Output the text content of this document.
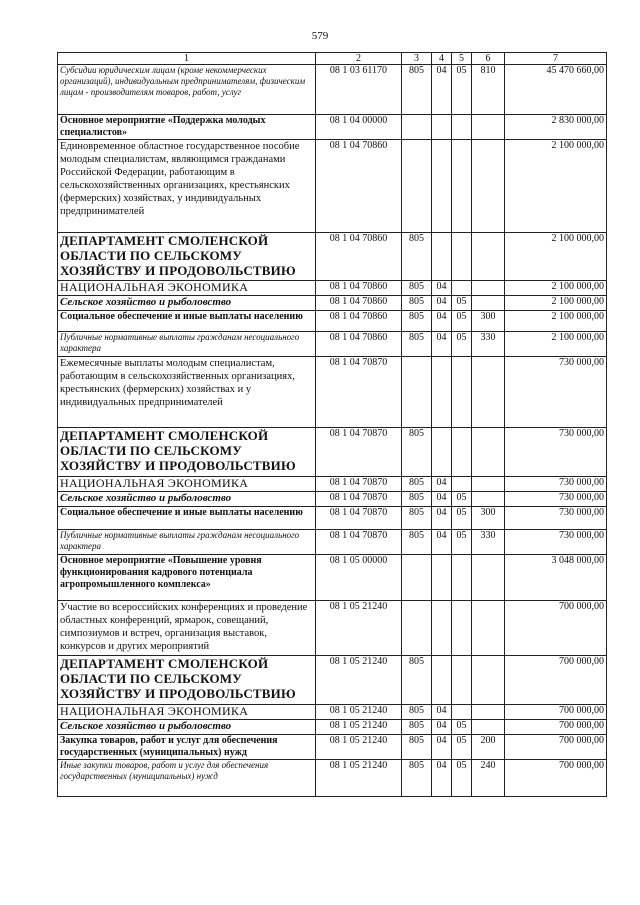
579
1	2	3	4	5	6	7
Субсидии юридическим лицам (кроме некоммерческих организаций), индивидуальным предпринимателям, физическим лицам - производителям товаров, работ, услуг	08 1 03 61170	805	04	05	810	45 470 660,00
Основное мероприятие «Поддержка молодых специалистов»	08 1 04 00000					2 830 000,00
Единовременное областное государственное пособие молодым специалистам, являющимся гражданами Российской Федерации, работающим в сельскохозяйственных организациях, крестьянских (фермерских) хозяйствах, у индивидуальных предпринимателей	08 1 04 70860					2 100 000,00
ДЕПАРТАМЕНТ СМОЛЕНСКОЙ ОБЛАСТИ ПО СЕЛЬСКОМУ ХОЗЯЙСТВУ И ПРОДОВОЛЬСТВИЮ	08 1 04 70860	805				2 100 000,00
НАЦИОНАЛЬНАЯ ЭКОНОМИКА	08 1 04 70860	805	04			2 100 000,00
Сельское хозяйство и рыболовство	08 1 04 70860	805	04	05		2 100 000,00
Социальное обеспечение и иные выплаты населению	08 1 04 70860	805	04	05	300	2 100 000,00
Публичные нормативные выплаты гражданам несоциального характера	08 1 04 70860	805	04	05	330	2 100 000,00
Ежемесячные выплаты молодым специалистам, работающим в сельскохозяйственных организациях, крестьянских (фермерских) хозяйствах и у индивидуальных предпринимателей	08 1 04 70870					730 000,00
ДЕПАРТАМЕНТ СМОЛЕНСКОЙ ОБЛАСТИ ПО СЕЛЬСКОМУ ХОЗЯЙСТВУ И ПРОДОВОЛЬСТВИЮ	08 1 04 70870	805				730 000,00
НАЦИОНАЛЬНАЯ ЭКОНОМИКА	08 1 04 70870	805	04			730 000,00
Сельское хозяйство и рыболовство	08 1 04 70870	805	04	05		730 000,00
Социальное обеспечение и иные выплаты населению	08 1 04 70870	805	04	05	300	730 000,00
Публичные нормативные выплаты гражданам несоциального характера	08 1 04 70870	805	04	05	330	730 000,00
Основное мероприятие «Повышение уровня функционирования кадрового потенциала агропромышленного комплекса»	08 1 05 00000					3 048 000,00
Участие во всероссийских конференциях и проведение областных конференций, ярмарок, совещаний, симпозиумов и встреч, организация выставок, конкурсов и других мероприятий	08 1 05 21240					700 000,00
ДЕПАРТАМЕНТ СМОЛЕНСКОЙ ОБЛАСТИ ПО СЕЛЬСКОМУ ХОЗЯЙСТВУ И ПРОДОВОЛЬСТВИЮ	08 1 05 21240	805				700 000,00
НАЦИОНАЛЬНАЯ ЭКОНОМИКА	08 1 05 21240	805	04			700 000,00
Сельское хозяйство и рыболовство	08 1 05 21240	805	04	05		700 000,00
Закупка товаров, работ и услуг для обеспечения государственных (муниципальных) нужд	08 1 05 21240	805	04	05	200	700 000,00
Иные закупки товаров, работ и услуг для обеспечения государственных (муниципальных) нужд	08 1 05 21240	805	04	05	240	700 000,00
